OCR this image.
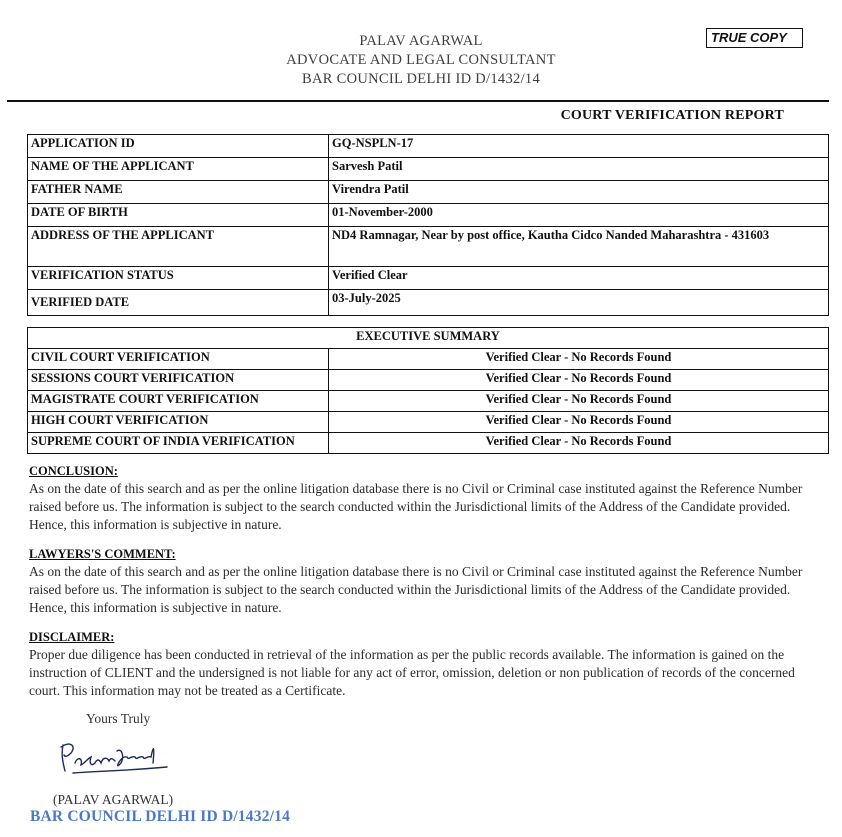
PALAV AGARWAL
ADVOCATE AND LEGAL CONSULTANT
BAR COUNCIL DELHI ID D/1432/14
TRUE COPY
COURT VERIFICATION REPORT
APPLICATION ID	GQ-NSPLN-17
NAME OF THE APPLICANT	Sarvesh Patil
FATHER NAME	Virendra Patil
DATE OF BIRTH	01-November-2000
ADDRESS OF THE APPLICANT	ND4 Ramnagar, Near by post office, Kautha Cidco Nanded Maharashtra - 431603
VERIFICATION STATUS	Verified Clear
VERIFIED DATE	03-July-2025
EXECUTIVE SUMMARY	
CIVIL COURT VERIFICATION	Verified Clear - No Records Found
SESSIONS COURT VERIFICATION	Verified Clear - No Records Found
MAGISTRATE COURT VERIFICATION	Verified Clear - No Records Found
HIGH COURT VERIFICATION	Verified Clear - No Records Found
SUPREME COURT OF INDIA VERIFICATION	Verified Clear - No Records Found
CONCLUSION:
As on the date of this search and as per the online litigation database there is no Civil or Criminal case instituted against the Reference Number raised before us. The information is subject to the search conducted within the Jurisdictional limits of the Address of the Candidate provided. Hence, this information is subjective in nature.
LAWYERS'S COMMENT:
As on the date of this search and as per the online litigation database there is no Civil or Criminal case instituted against the Reference Number raised before us. The information is subject to the search conducted within the Jurisdictional limits of the Address of the Candidate provided. Hence, this information is subjective in nature.
DISCLAIMER:
Proper due diligence has been conducted in retrieval of the information as per the public records available. The information is gained on the instruction of CLIENT and the undersigned is not liable for any act of error, omission, deletion or non publication of records of the concerned court. This information may not be treated as a Certificate.
Yours Truly
(PALAV AGARWAL)
BAR COUNCIL DELHI ID D/1432/14
